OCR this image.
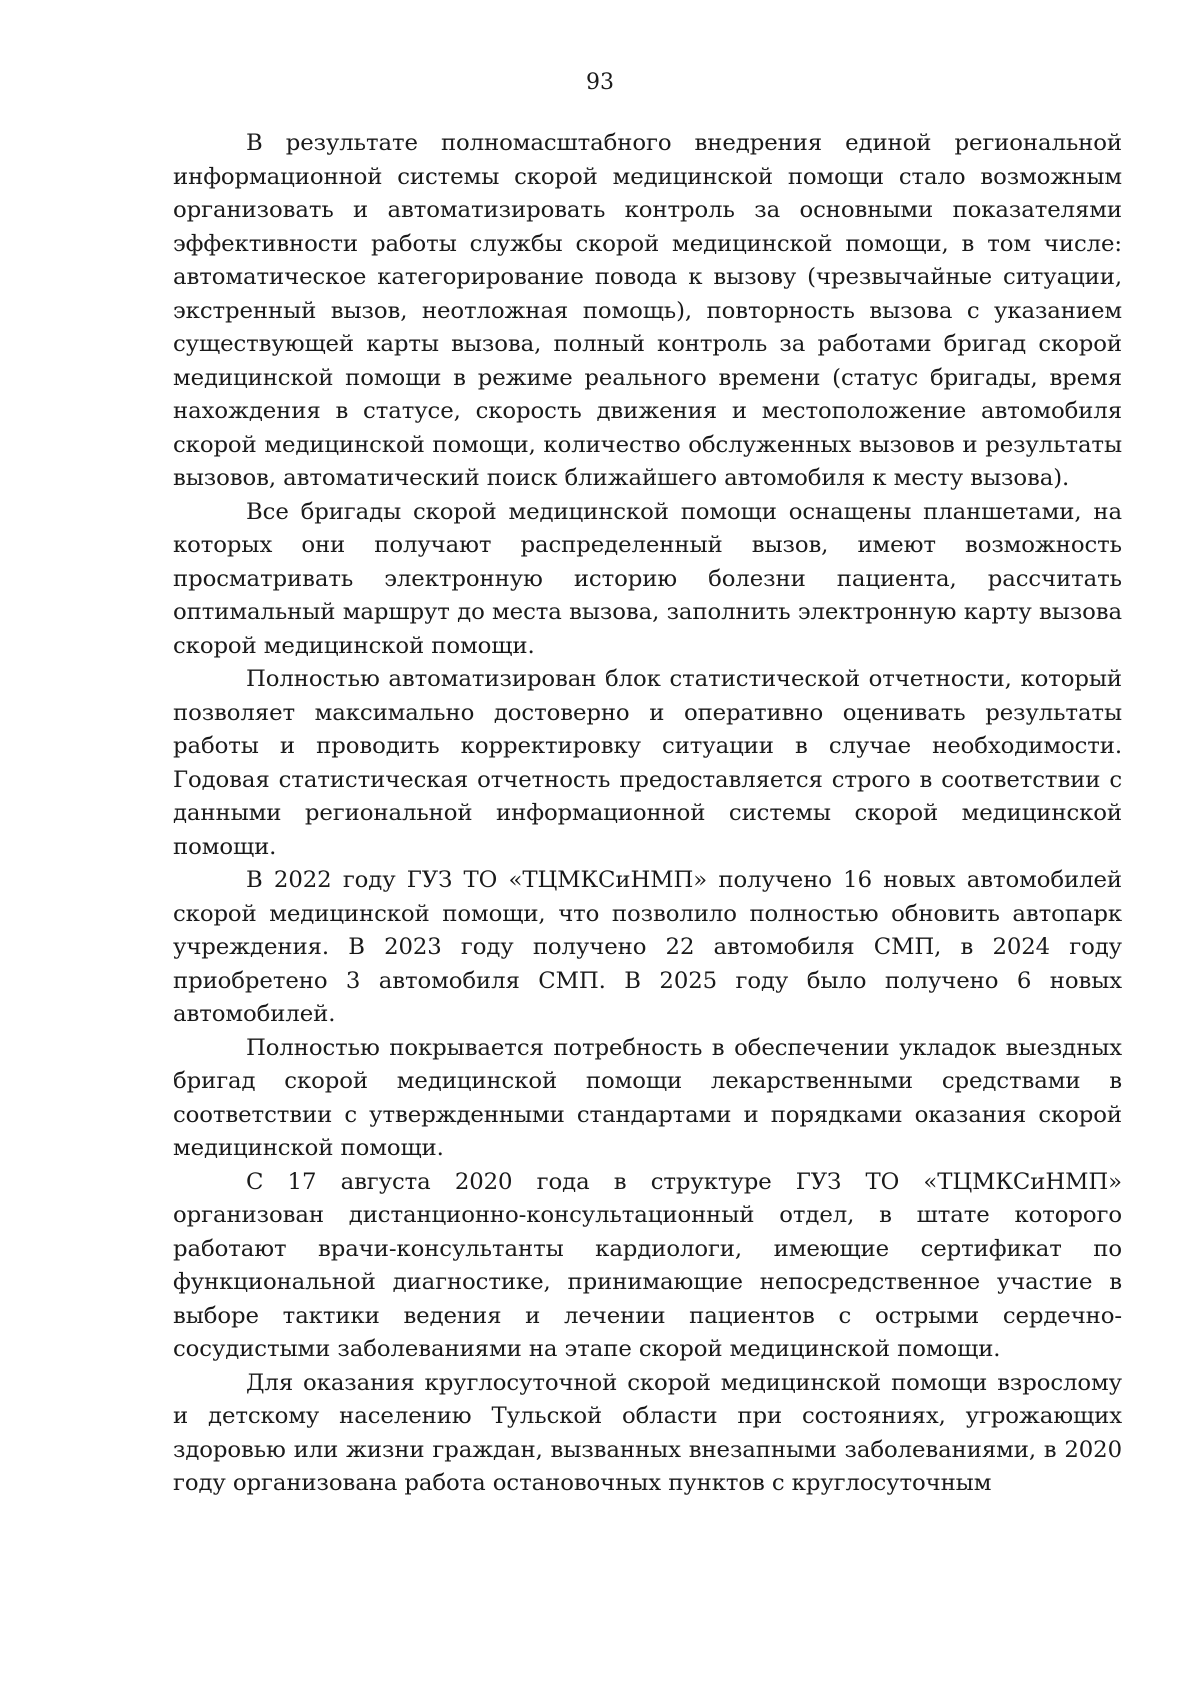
93

В результате полномасштабного внедрения единой региональной информационной системы скорой медицинской помощи стало возможным организовать и автоматизировать контроль за основными показателями эффективности работы службы скорой медицинской помощи, в том числе: автоматическое категорирование повода к вызову (чрезвычайные ситуации, экстренный вызов, неотложная помощь), повторность вызова с указанием существующей карты вызова, полный контроль за работами бригад скорой медицинской помощи в режиме реального времени (статус бригады, время нахождения в статусе, скорость движения и местоположение автомобиля скорой медицинской помощи, количество обслуженных вызовов и результаты вызовов, автоматический поиск ближайшего автомобиля к месту вызова).

Все бригады скорой медицинской помощи оснащены планшетами, на которых они получают распределенный вызов, имеют возможность просматривать электронную историю болезни пациента, рассчитать оптимальный маршрут до места вызова, заполнить электронную карту вызова скорой медицинской помощи.

Полностью автоматизирован блок статистической отчетности, который позволяет максимально достоверно и оперативно оценивать результаты работы и проводить корректировку ситуации в случае необходимости. Годовая статистическая отчетность предоставляется строго в соответствии с данными региональной информационной системы скорой медицинской помощи.

В 2022 году ГУЗ ТО «ТЦМКСиНМП» получено 16 новых автомобилей скорой медицинской помощи, что позволило полностью обновить автопарк учреждения. В 2023 году получено 22 автомобиля СМП, в 2024 году приобретено 3 автомобиля СМП. В 2025 году было получено 6 новых автомобилей.

Полностью покрывается потребность в обеспечении укладок выездных бригад скорой медицинской помощи лекарственными средствами в соответствии с утвержденными стандартами и порядками оказания скорой медицинской помощи.

С 17 августа 2020 года в структуре ГУЗ ТО «ТЦМКСиНМП» организован дистанционно-консультационный отдел, в штате которого работают врачи-консультанты кардиологи, имеющие сертификат по функциональной диагностике, принимающие непосредственное участие в выборе тактики ведения и лечении пациентов с острыми сердечно-сосудистыми заболеваниями на этапе скорой медицинской помощи.

Для оказания круглосуточной скорой медицинской помощи взрослому и детскому населению Тульской области при состояниях, угрожающих здоровью или жизни граждан, вызванных внезапными заболеваниями, в 2020 году организована работа остановочных пунктов с круглосуточным
